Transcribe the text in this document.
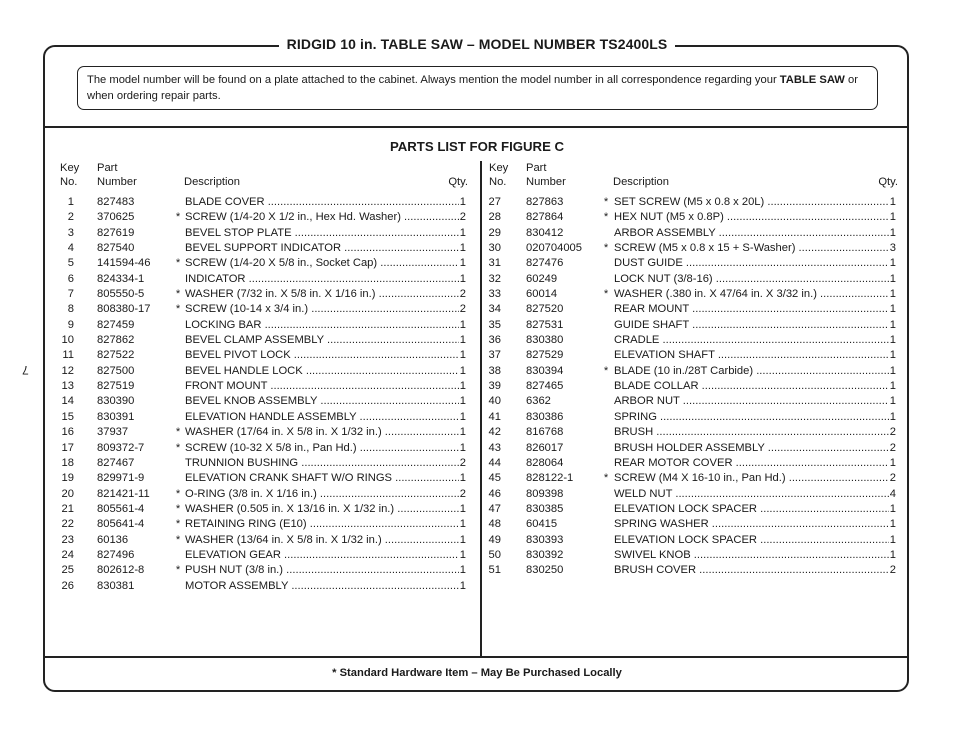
RIDGID 10 in. TABLE SAW – MODEL NUMBER TS2400LS
The model number will be found on a plate attached to the cabinet. Always mention the model number in all correspondence regarding your TABLE SAW or when ordering repair parts.
PARTS LIST FOR FIGURE C
7
Key
No.
Part
Number	Description	Qty.
1 827483	BLADE COVER .....	1
2 370625	* SCREW (1/4-20 X 1/2 in., Hex Hd. Washer) .....	2
3 827619	BEVEL STOP PLATE .....	1
4 827540	BEVEL SUPPORT INDICATOR .....	1
5 141594-46 * SCREW (1/4-20 X 5/8 in., Socket Cap) .....	1
6 824334-1	INDICATOR .....	1
7 805550-5	* WASHER (7/32 in. X 5/8 in. X 1/16 in.) .....	2
8 808380-17 * SCREW (10-14 x 3/4 in.) .....	2
9 827459	LOCKING BAR .....	1
10 827862	BEVEL CLAMP ASSEMBLY .....	1
11 827522	BEVEL PIVOT LOCK .....	1
12 827500	BEVEL HANDLE LOCK .....	1
13 827519	FRONT MOUNT .....	1
14 830390	BEVEL KNOB ASSEMBLY .....	1
15 830391	ELEVATION HANDLE ASSEMBLY .....	1
16 37937	* WASHER (17/64 in. X 5/8 in. X 1/32 in.) .....	1
17 809372-7	* SCREW (10-32 X 5/8 in., Pan Hd.) .....	1
18 827467	TRUNNION BUSHING .....	2
19 829971-9	ELEVATION CRANK SHAFT W/O RINGS .....	1
20 821421-11 * O-RING (3/8 in. X 1/16 in.) .....	2
21 805561-4	* WASHER (0.505 in. X 13/16 in. X 1/32 in.) .....	1
22 805641-4	* RETAINING RING (E10) .....	1
23 60136	* WASHER (13/64 in. X 5/8 in. X 1/32 in.) .....	1
24 827496	ELEVATION GEAR .....	1
25 802612-8	* PUSH NUT (3/8 in.) .....	1
26 830381	MOTOR ASSEMBLY .....	1
Key
No.
Part
Number	Description	Qty.
27 827863	* SET SCREW (M5 x 0.8 x 20L) .....	1
28 827864	* HEX NUT (M5 x 0.8P) .....	1
29 830412	ARBOR ASSEMBLY .....	1
30 020704005 * SCREW (M5 x 0.8 x 15 + S-Washer) .....	3
31 827476	DUST GUIDE .....	1
32 60249	LOCK NUT (3/8-16) .....	1
33 60014	* WASHER (.380 in. X 47/64 in. X 3/32 in.) .....	1
34 827520	REAR MOUNT .....	1
35 827531	GUIDE SHAFT .....	1
36 830380	CRADLE .....	1
37 827529	ELEVATION SHAFT .....	1
38 830394	* BLADE (10 in./28T Carbide) .....	1
39 827465	BLADE COLLAR .....	1
40 6362	ARBOR NUT .....	1
41 830386	SPRING .....	1
42 816768	BRUSH .....	2
43 826017	BRUSH HOLDER ASSEMBLY .....	2
44 828064	REAR MOTOR COVER .....	1
45 828122-1	* SCREW (M4 X 16-10 in., Pan Hd.) .....	2
46 809398	WELD NUT .....	4
47 830385	ELEVATION LOCK SPACER .....	1
48 60415	SPRING WASHER .....	1
49 830393	ELEVATION LOCK SPACER .....	1
50 830392	SWIVEL KNOB .....	1
51 830250	BRUSH COVER .....	2
* Standard Hardware Item – May Be Purchased Locally
